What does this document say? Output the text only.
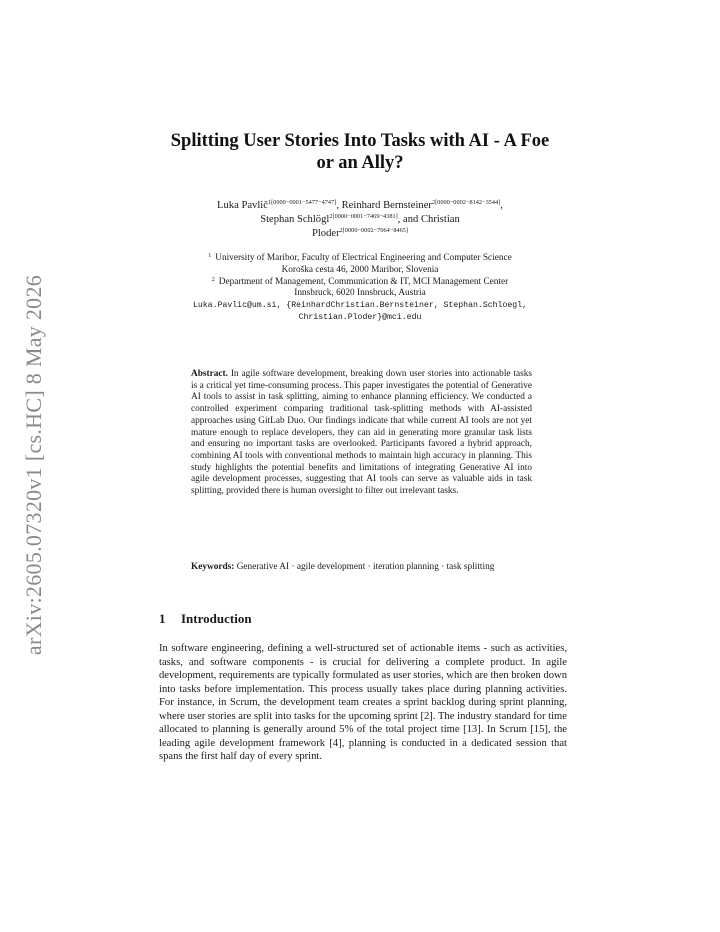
arXiv:2605.07320v1 [cs.HC] 8 May 2026
Splitting User Stories Into Tasks with AI - A Foe
or an Ally?
Luka Pavlič$^{1[0000-0001-5477-4747]}$, Reinhard Bernsteiner$^{2[0000-0002-8142-3544]}$,
Stephan Schlögl$^{2[0000-0001-7469-4381]}$, and Christian
Ploder$^{2[0000-0002-7064-8465]}$
$^1$ University of Maribor, Faculty of Electrical Engineering and Computer Science
Koroška cesta 46, 2000 Maribor, Slovenia
$^2$ Department of Management, Communication & IT, MCI Management Center
Innsbruck, 6020 Innsbruck, Austria
Luka.Pavlic@um.si, {ReinhardChristian.Bernsteiner, Stephan.Schloegl,
Christian.Ploder}@mci.edu
Abstract. In agile software development, breaking down user stories into actionable tasks is a critical yet time-consuming process. This paper investigates the potential of Generative AI tools to assist in task splitting, aiming to enhance planning efficiency. We conducted a controlled experiment comparing traditional task-splitting methods with AI-assisted approaches using GitLab Duo. Our findings indicate that while current AI tools are not yet mature enough to replace developers, they can aid in generating more granular task lists and ensuring no important tasks are overlooked. Participants favored a hybrid approach, combining AI tools with conventional methods to maintain high accuracy in planning. This study highlights the potential benefits and limitations of integrating Generative AI into agile development processes, suggesting that AI tools can serve as valuable aids in task splitting, provided there is human oversight to filter out irrelevant tasks.
Keywords: Generative AI · agile development · iteration planning · task splitting
1 Introduction
In software engineering, defining a well-structured set of actionable items - such as activities, tasks, and software components - is crucial for delivering a complete product. In agile development, requirements are typically formulated as user stories, which are then broken down into tasks before implementation. This process usually takes place during planning activities. For instance, in Scrum, the development team creates a sprint backlog during sprint planning, where user stories are split into tasks for the upcoming sprint [2]. The industry standard for time allocated to planning is generally around 5% of the total project time [13]. In Scrum [15], the leading agile development framework [4], planning is conducted in a dedicated session that spans the first half day of every sprint.
